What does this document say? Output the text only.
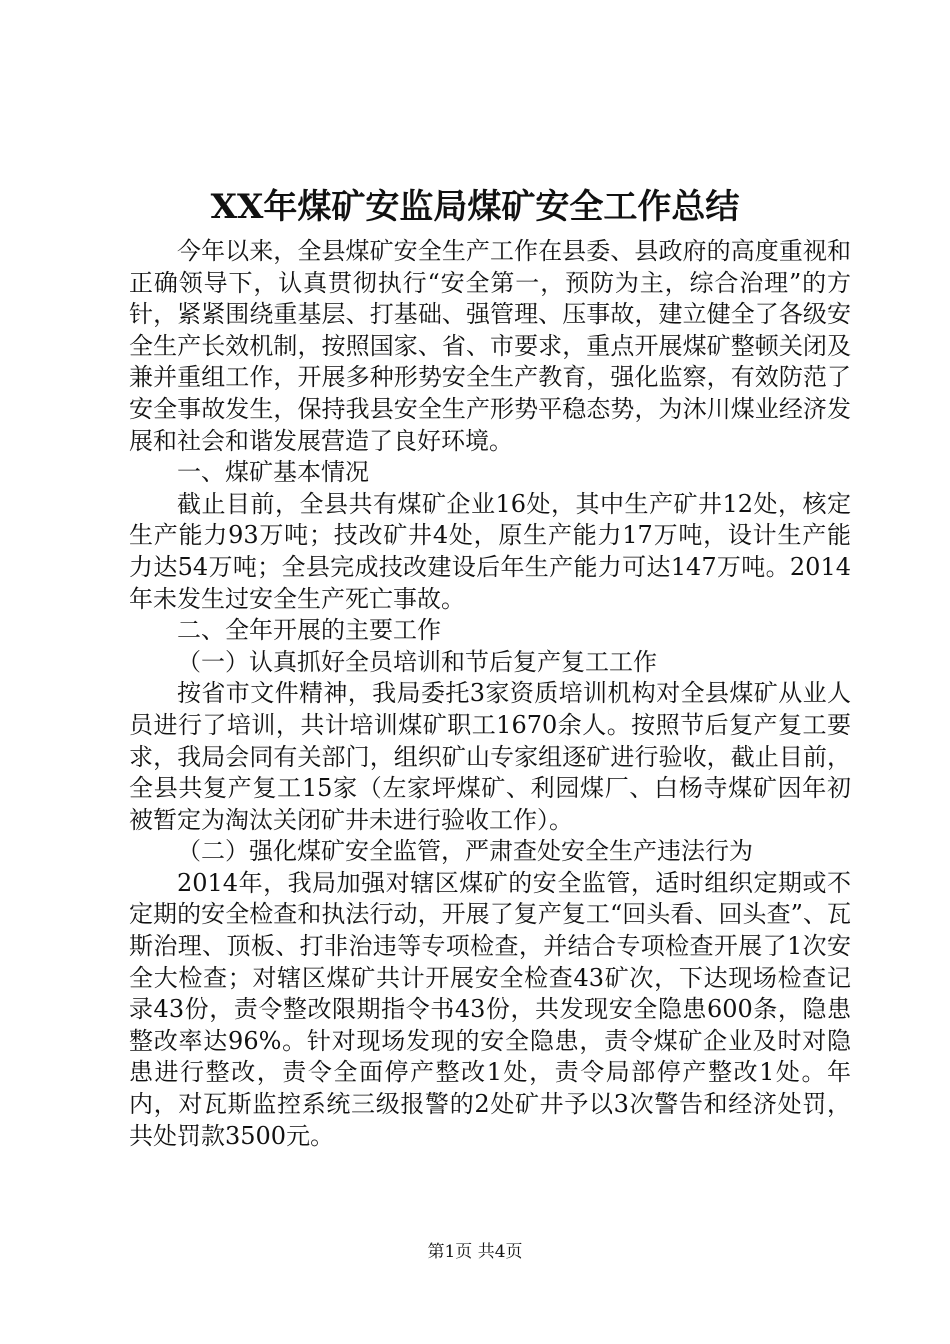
XX年煤矿安监局煤矿安全工作总结

今年以来，全县煤矿安全生产工作在县委、县政府的高度重视和正确领导下，认真贯彻执行“安全第一，预防为主，综合治理”的方针，紧紧围绕重基层、打基础、强管理、压事故，建立健全了各级安全生产长效机制，按照国家、省、市要求，重点开展煤矿整顿关闭及兼并重组工作，开展多种形势安全生产教育，强化监察，有效防范了安全事故发生，保持我县安全生产形势平稳态势，为沐川煤业经济发展和社会和谐发展营造了良好环境。

一、煤矿基本情况

截止目前，全县共有煤矿企业16处，其中生产矿井12处，核定生产能力93万吨；技改矿井4处，原生产能力17万吨，设计生产能力达54万吨；全县完成技改建设后年生产能力可达147万吨。2014年未发生过安全生产死亡事故。

二、全年开展的主要工作

（一）认真抓好全员培训和节后复产复工工作

按省市文件精神，我局委托3家资质培训机构对全县煤矿从业人员进行了培训，共计培训煤矿职工1670余人。按照节后复产复工要求，我局会同有关部门，组织矿山专家组逐矿进行验收，截止目前，全县共复产复工15家（左家坪煤矿、利园煤厂、白杨寺煤矿因年初被暂定为淘汰关闭矿井未进行验收工作）。

（二）强化煤矿安全监管，严肃查处安全生产违法行为

2014年，我局加强对辖区煤矿的安全监管，适时组织定期或不定期的安全检查和执法行动，开展了复产复工“回头看、回头查”、瓦斯治理、顶板、打非治违等专项检查，并结合专项检查开展了1次安全大检查；对辖区煤矿共计开展安全检查43矿次，下达现场检查记录43份，责令整改限期指令书43份，共发现安全隐患600条，隐患整改率达96%。针对现场发现的安全隐患，责令煤矿企业及时对隐患进行整改，责令全面停产整改1处，责令局部停产整改1处。年内，对瓦斯监控系统三级报警的2处矿井予以3次警告和经济处罚，共处罚款3500元。

第1页 共4页
